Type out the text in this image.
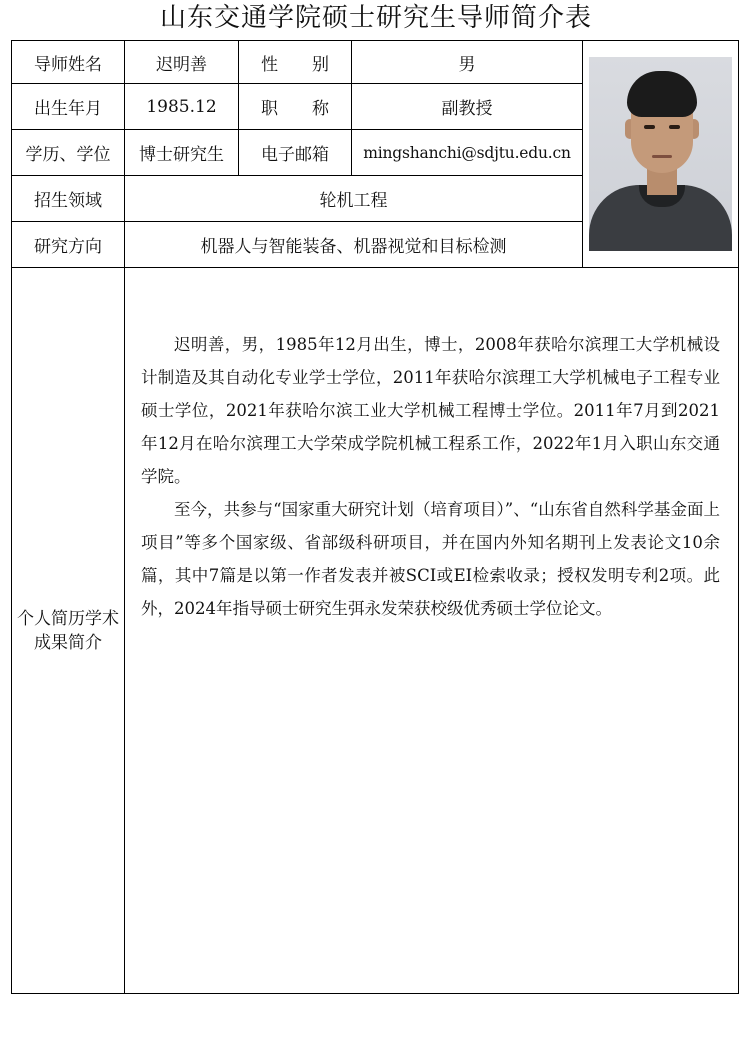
山东交通学院硕士研究生导师简介表
导师姓名	迟明善	性　　别	男	

出生年月	1985.12	职　　称	副教授	
学历、学位	博士研究生	电子邮箱	mingshanchi@sdjtu.edu.cn	
招生领域	轮机工程			
研究方向	机器人与智能装备、机器视觉和目标检测			
个人简历学术成果简介	迟明善，男，1985年12月出生，博士，2008年获哈尔滨理工大学机械设计制造及其自动化专业学士学位，2011年获哈尔滨理工大学机械电子工程专业硕士学位，2021年获哈尔滨工业大学机械工程博士学位。2011年7月到2021年12月在哈尔滨理工大学荣成学院机械工程系工作，2022年1月入职山东交通学院。

至今，共参与“国家重大研究计划（培育项目）”、“山东省自然科学基金面上项目”等多个国家级、省部级科研项目，并在国内外知名期刊上发表论文10余篇，其中7篇是以第一作者发表并被SCI或EI检索收录；授权发明专利2项。此外，2024年指导硕士研究生弭永发荣获校级优秀硕士学位论文。			
